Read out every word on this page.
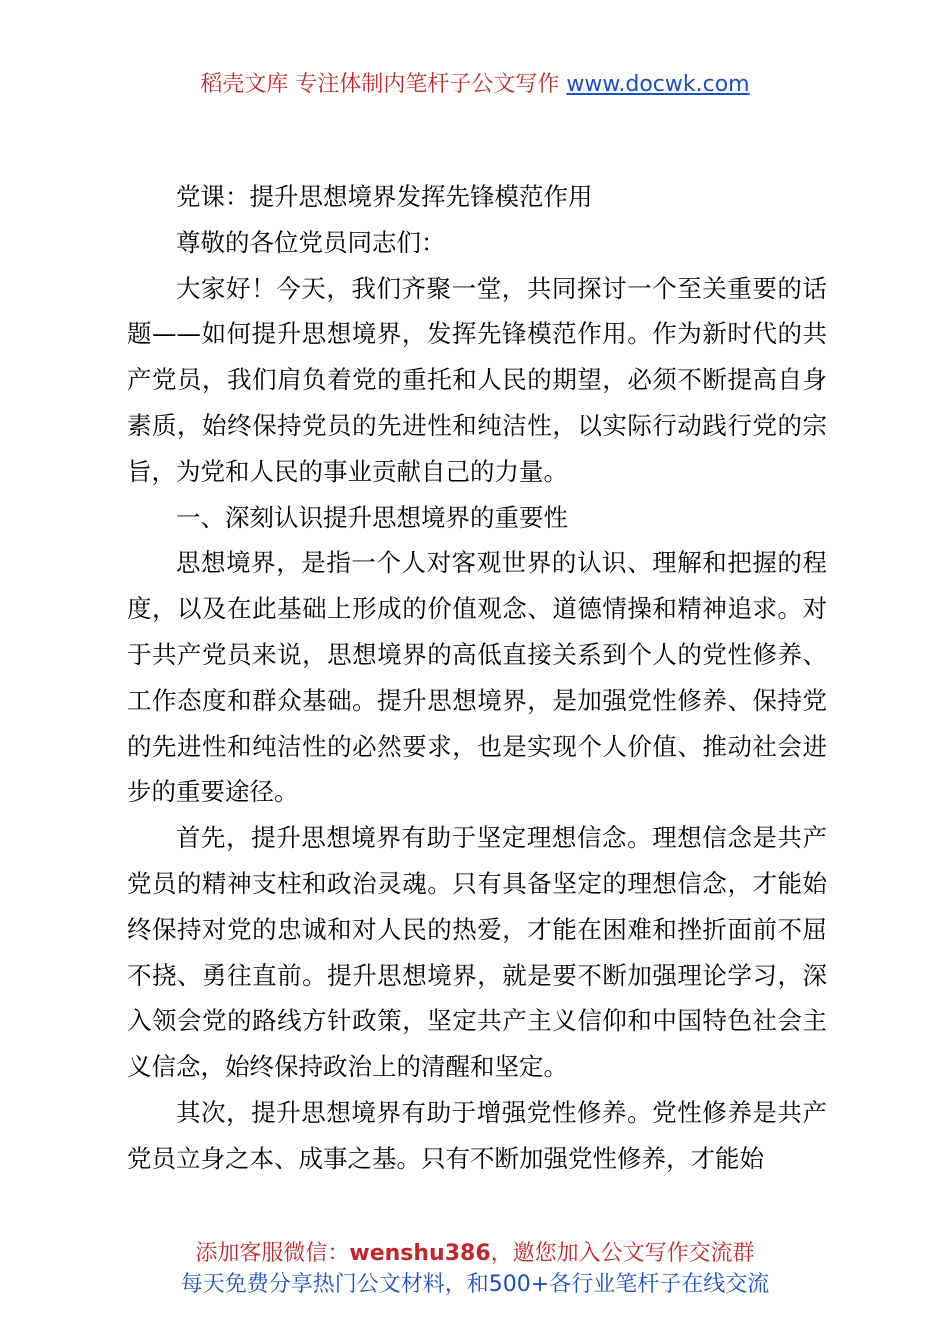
稻壳文库 专注体制内笔杆子公文写作 www.docwk.com

党课：提升思想境界发挥先锋模范作用

尊敬的各位党员同志们：

大家好！今天，我们齐聚一堂，共同探讨一个至关重要的话题——如何提升思想境界，发挥先锋模范作用。作为新时代的共产党员，我们肩负着党的重托和人民的期望，必须不断提高自身素质，始终保持党员的先进性和纯洁性，以实际行动践行党的宗旨，为党和人民的事业贡献自己的力量。

一、深刻认识提升思想境界的重要性

思想境界，是指一个人对客观世界的认识、理解和把握的程度，以及在此基础上形成的价值观念、道德情操和精神追求。对于共产党员来说，思想境界的高低直接关系到个人的党性修养、工作态度和群众基础。提升思想境界，是加强党性修养、保持党的先进性和纯洁性的必然要求，也是实现个人价值、推动社会进步的重要途径。

首先，提升思想境界有助于坚定理想信念。理想信念是共产党员的精神支柱和政治灵魂。只有具备坚定的理想信念，才能始终保持对党的忠诚和对人民的热爱，才能在困难和挫折面前不屈不挠、勇往直前。提升思想境界，就是要不断加强理论学习，深入领会党的路线方针政策，坚定共产主义信仰和中国特色社会主义信念，始终保持政治上的清醒和坚定。

其次，提升思想境界有助于增强党性修养。党性修养是共产党员立身之本、成事之基。只有不断加强党性修养，才能始

添加客服微信：wenshu386，邀您加入公文写作交流群
每天免费分享热门公文材料，和500+各行业笔杆子在线交流
